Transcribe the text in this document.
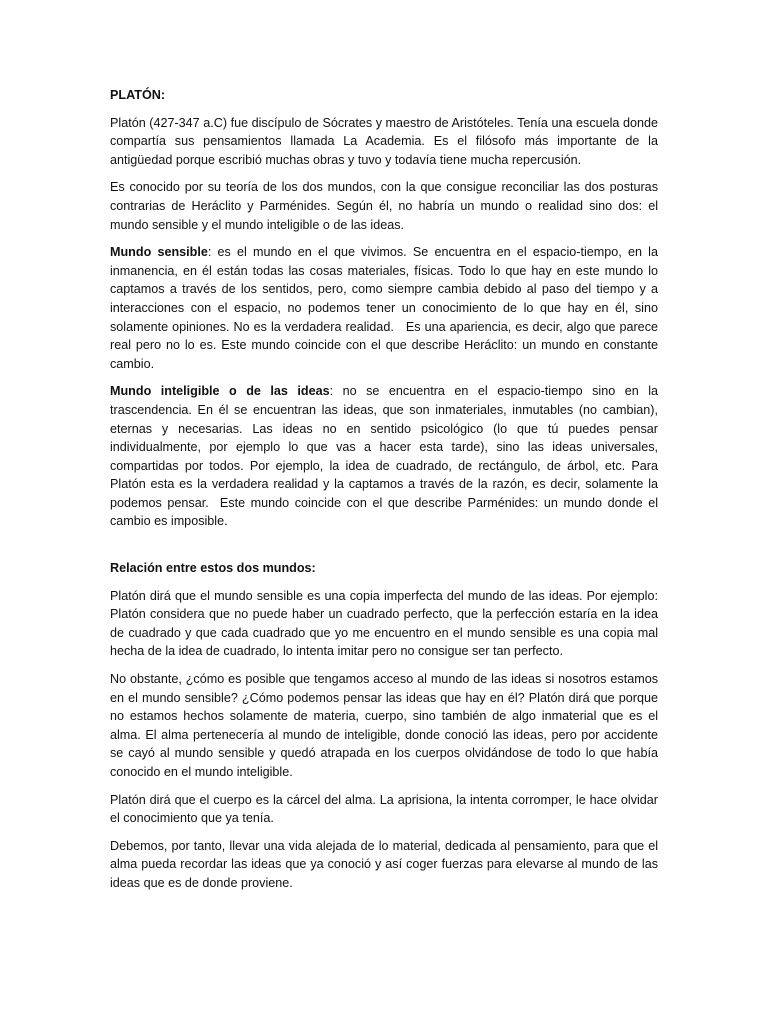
PLATÓN:

Platón (427-347 a.C) fue discípulo de Sócrates y maestro de Aristóteles. Tenía una escuela donde compartía sus pensamientos llamada La Academia. Es el filósofo más importante de la antigüedad porque escribió muchas obras y tuvo y todavía tiene mucha repercusión.

Es conocido por su teoría de los dos mundos, con la que consigue reconciliar las dos posturas contrarias de Heráclito y Parménides. Según él, no habría un mundo o realidad sino dos: el mundo sensible y el mundo inteligible o de las ideas.

Mundo sensible: es el mundo en el que vivimos. Se encuentra en el espacio-tiempo, en la inmanencia, en él están todas las cosas materiales, físicas. Todo lo que hay en este mundo lo captamos a través de los sentidos, pero, como siempre cambia debido al paso del tiempo y a interacciones con el espacio, no podemos tener un conocimiento de lo que hay en él, sino solamente opiniones. No es la verdadera realidad.   Es una apariencia, es decir, algo que parece real pero no lo es. Este mundo coincide con el que describe Heráclito: un mundo en constante cambio.

Mundo inteligible o de las ideas: no se encuentra en el espacio-tiempo sino en la trascendencia. En él se encuentran las ideas, que son inmateriales, inmutables (no cambian), eternas y necesarias. Las ideas no en sentido psicológico (lo que tú puedes pensar individualmente, por ejemplo lo que vas a hacer esta tarde), sino las ideas universales, compartidas por todos. Por ejemplo, la idea de cuadrado, de rectángulo, de árbol, etc. Para Platón esta es la verdadera realidad y la captamos a través de la razón, es decir, solamente la podemos pensar.  Este mundo coincide con el que describe Parménides: un mundo donde el cambio es imposible.

Relación entre estos dos mundos:

Platón dirá que el mundo sensible es una copia imperfecta del mundo de las ideas. Por ejemplo: Platón considera que no puede haber un cuadrado perfecto, que la perfección estaría en la idea de cuadrado y que cada cuadrado que yo me encuentro en el mundo sensible es una copia mal hecha de la idea de cuadrado, lo intenta imitar pero no consigue ser tan perfecto.

No obstante, ¿cómo es posible que tengamos acceso al mundo de las ideas si nosotros estamos en el mundo sensible? ¿Cómo podemos pensar las ideas que hay en él? Platón dirá que porque no estamos hechos solamente de materia, cuerpo, sino también de algo inmaterial que es el alma. El alma pertenecería al mundo de inteligible, donde conoció las ideas, pero por accidente se cayó al mundo sensible y quedó atrapada en los cuerpos olvidándose de todo lo que había conocido en el mundo inteligible.

Platón dirá que el cuerpo es la cárcel del alma. La aprisiona, la intenta corromper, le hace olvidar el conocimiento que ya tenía.

Debemos, por tanto, llevar una vida alejada de lo material, dedicada al pensamiento, para que el alma pueda recordar las ideas que ya conoció y así coger fuerzas para elevarse al mundo de las ideas que es de donde proviene.
